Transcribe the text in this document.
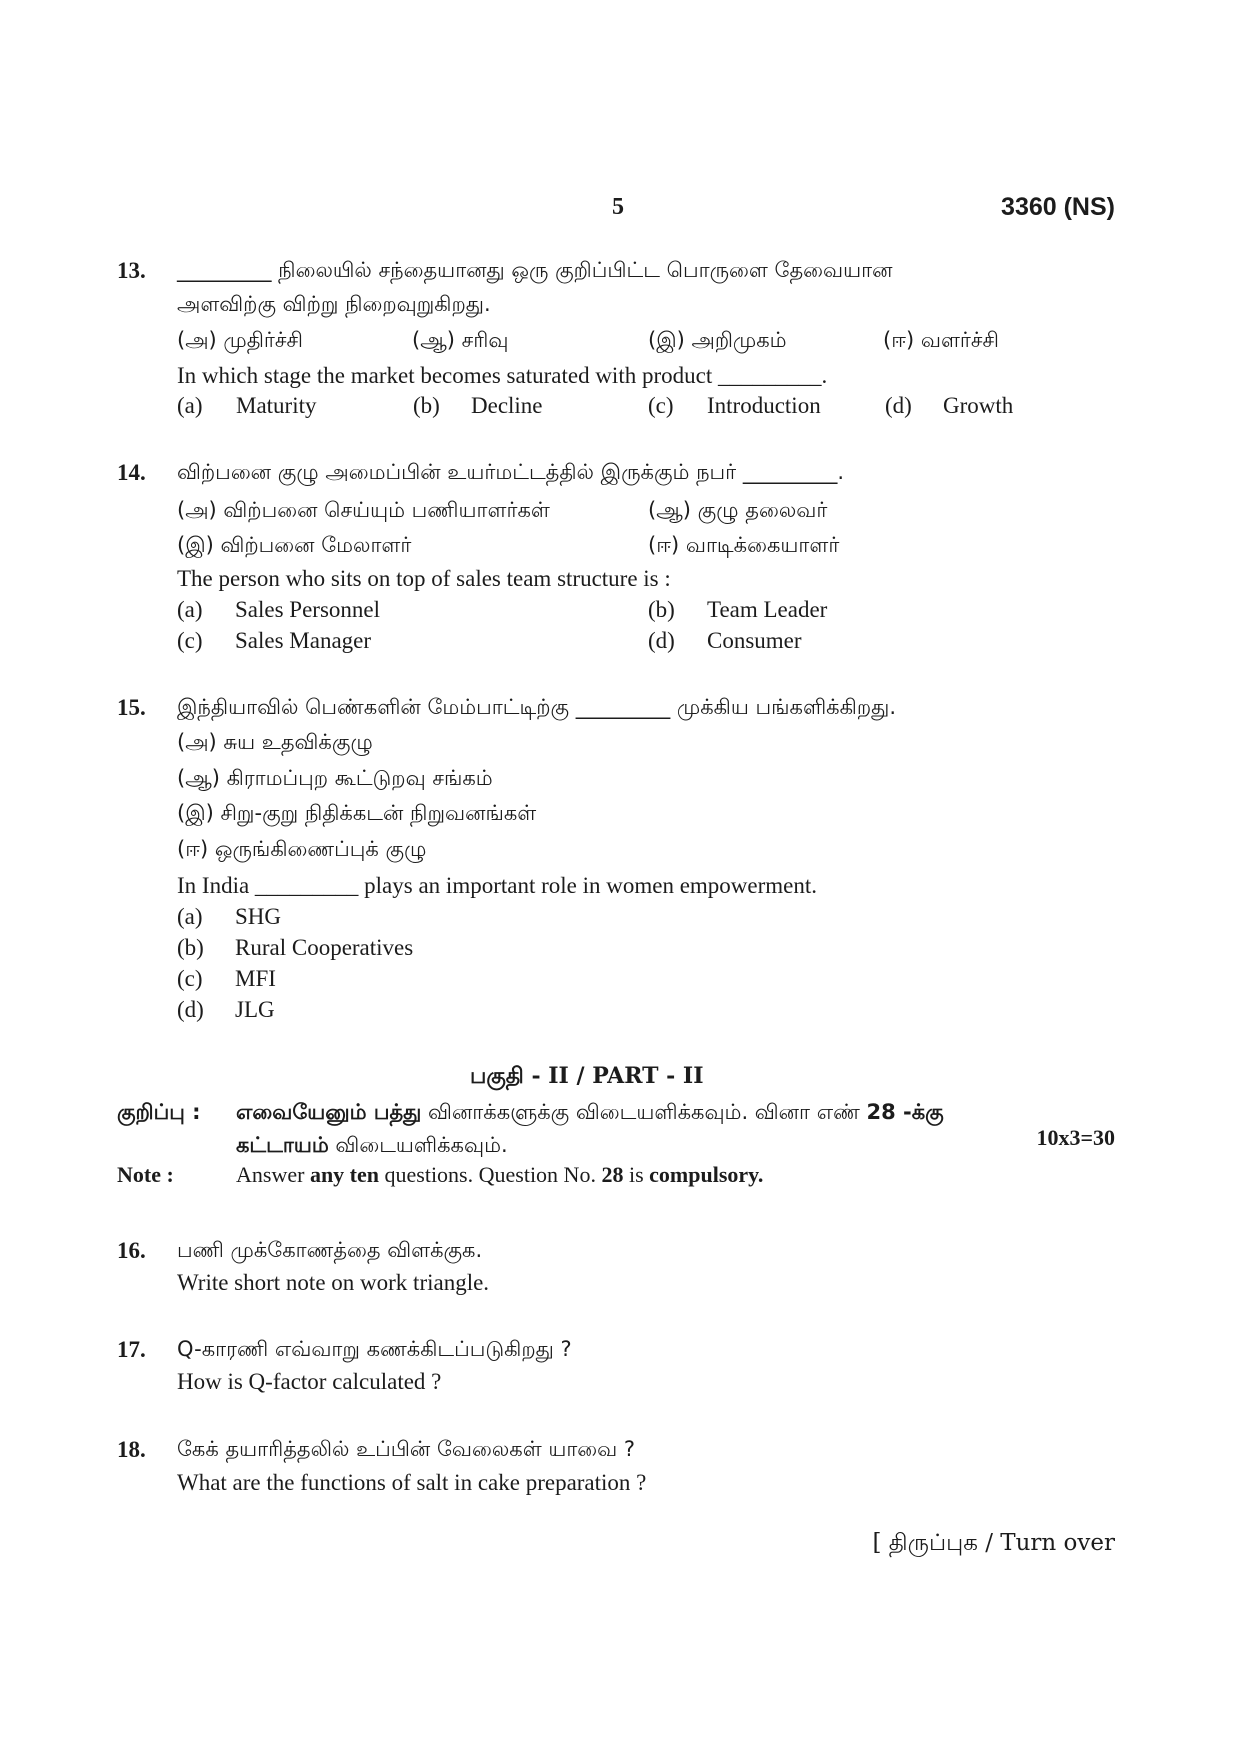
5	3360 (NS)
13. _________ நிலையில் சந்தையானது ஒரு குறிப்பிட்ட பொருளை தேவையான
அளவிற்கு விற்று நிறைவுறுகிறது.
(அ) முதிர்ச்சி	(ஆ) சரிவு	(இ) அறிமுகம்	(ஈ) வளர்ச்சி
In which stage the market becomes saturated with product _________.
(a) Maturity	(b) Decline	(c) Introduction	(d) Growth
14. விற்பனை குழு அமைப்பின் உயர்மட்டத்தில் இருக்கும் நபர் _________.
(அ) விற்பனை செய்யும் பணியாளர்கள்	(ஆ) குழு தலைவர்
(இ) விற்பனை மேலாளர்	(ஈ) வாடிக்கையாளர்
The person who sits on top of sales team structure is :
(a) Sales Personnel	(b) Team Leader
(c) Sales Manager	(d) Consumer
15. இந்தியாவில் பெண்களின் மேம்பாட்டிற்கு _________ முக்கிய பங்களிக்கிறது.
(அ) சுய உதவிக்குழு
(ஆ) கிராமப்புற கூட்டுறவு சங்கம்
(இ) சிறு-குறு நிதிக்கடன் நிறுவனங்கள்
(ஈ) ஒருங்கிணைப்புக் குழு
In India _________ plays an important role in women empowerment.
(a) SHG
(b) Rural Cooperatives
(c) MFI
(d) JLG
பகுதி - II / PART - II
குறிப்பு : எவையேனும் பத்து வினாக்களுக்கு விடையளிக்கவும். வினா எண் 28 -க்கு
கட்டாயம் விடையளிக்கவும்.	10x3=30
Note :	Answer any ten questions. Question No. 28 is compulsory.
16. பணி முக்கோணத்தை விளக்குக.
Write short note on work triangle.
17. Q-காரணி எவ்வாறு கணக்கிடப்படுகிறது ?
How is Q-factor calculated ?
18. கேக் தயாரித்தலில் உப்பின் வேலைகள் யாவை ?
What are the functions of salt in cake preparation ?
[ திருப்புக / Turn over
